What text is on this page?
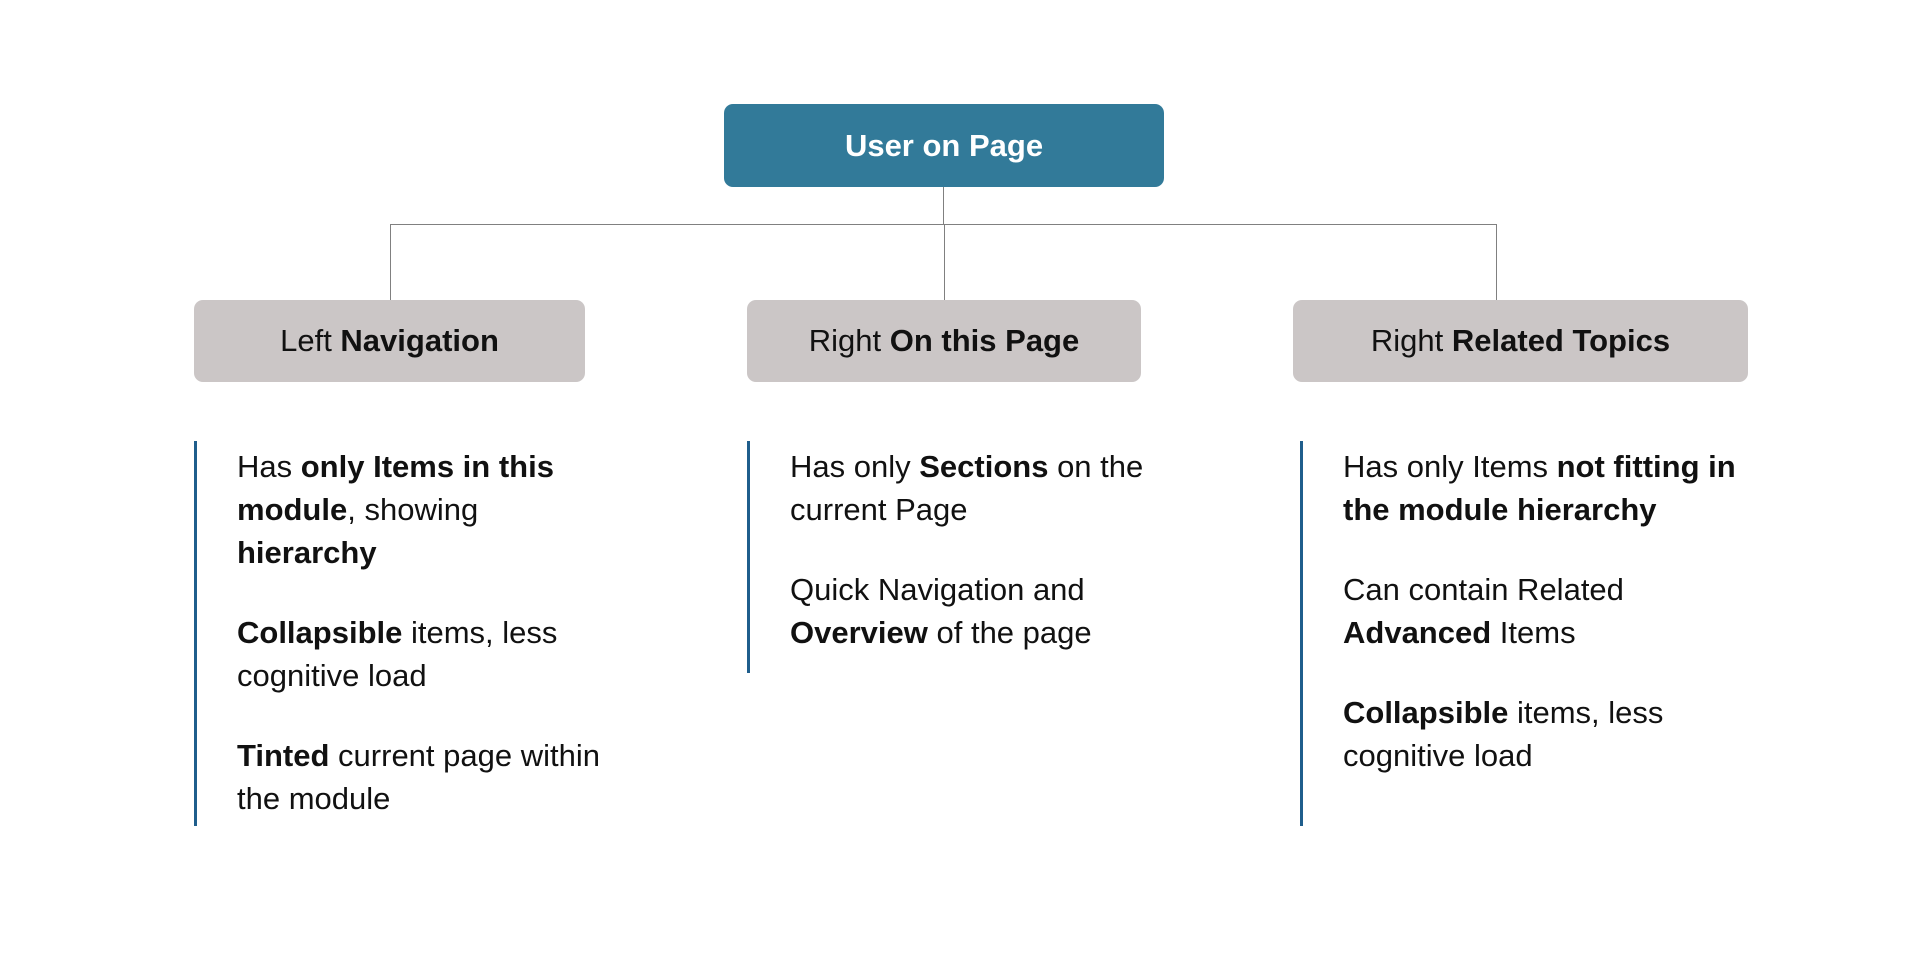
User on Page
Left Navigation	Right On this Page	Right Related Topics

Has only Items in this module, showing hierarchy

Collapsible items, less cognitive load

Tinted current page within the module

Has only Sections on the current Page

Quick Navigation and Overview of the page

Has only Items not fitting in the module hierarchy

Can contain Related Advanced Items

Collapsible items, less cognitive load
